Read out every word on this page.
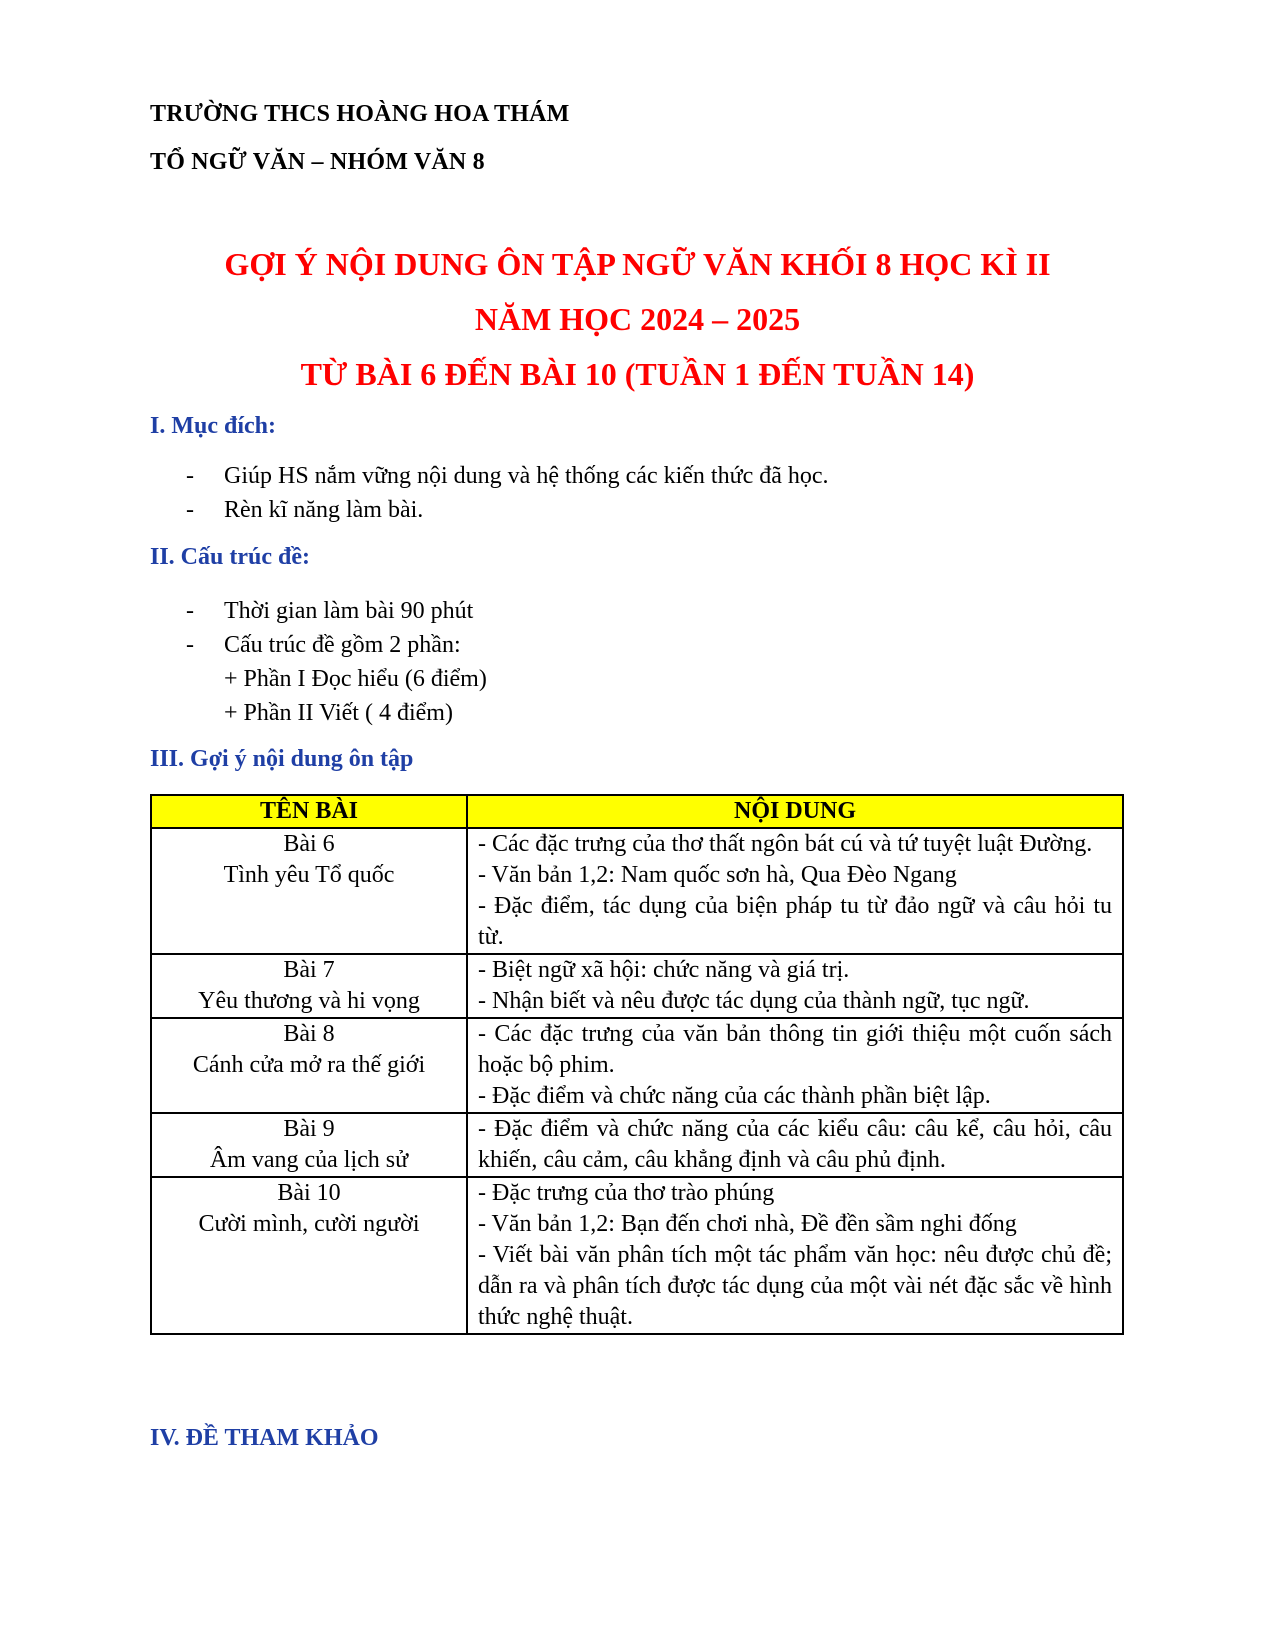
TRƯỜNG THCS HOÀNG HOA THÁM
TỔ NGỮ VĂN – NHÓM VĂN 8
GỢI Ý NỘI DUNG ÔN TẬP NGỮ VĂN KHỐI 8 HỌC KÌ II
NĂM HỌC 2024 – 2025
TỪ BÀI 6 ĐẾN BÀI 10 (TUẦN 1 ĐẾN TUẦN 14)
I. Mục đích:
- Giúp HS nắm vững nội dung và hệ thống các kiến thức đã học.
- Rèn kĩ năng làm bài.
II. Cấu trúc đề:
- Thời gian làm bài 90 phút
- Cấu trúc đề gồm 2 phần:
+ Phần I Đọc hiểu (6 điểm)
+ Phần II Viết ( 4 điểm)
III. Gợi ý nội dung ôn tập
TÊN BÀI	NỘI DUNG

Bài 6
Tình yêu Tổ quốc	- Các đặc trưng của thơ thất ngôn bát cú và tứ tuyệt luật Đường.
- Văn bản 1,2: Nam quốc sơn hà, Qua Đèo Ngang
- Đặc điểm, tác dụng của biện pháp tu từ đảo ngữ và câu hỏi tu từ.

Bài 7
Yêu thương và hi vọng	- Biệt ngữ xã hội: chức năng và giá trị.
- Nhận biết và nêu được tác dụng của thành ngữ, tục ngữ.

Bài 8
Cánh cửa mở ra thế giới	- Các đặc trưng của văn bản thông tin giới thiệu một cuốn sách hoặc bộ phim.
- Đặc điểm và chức năng của các thành phần biệt lập.

Bài 9
Âm vang của lịch sử	- Đặc điểm và chức năng của các kiểu câu: câu kể, câu hỏi, câu khiến, câu cảm, câu khẳng định và câu phủ định.

Bài 10
Cười mình, cười người	- Đặc trưng của thơ trào phúng
- Văn bản 1,2: Bạn đến chơi nhà, Đề đền sầm nghi đống
- Viết bài văn phân tích một tác phẩm văn học: nêu được chủ đề; dẫn ra và phân tích được tác dụng của một vài nét đặc sắc về hình thức nghệ thuật.
IV. ĐỀ THAM KHẢO
